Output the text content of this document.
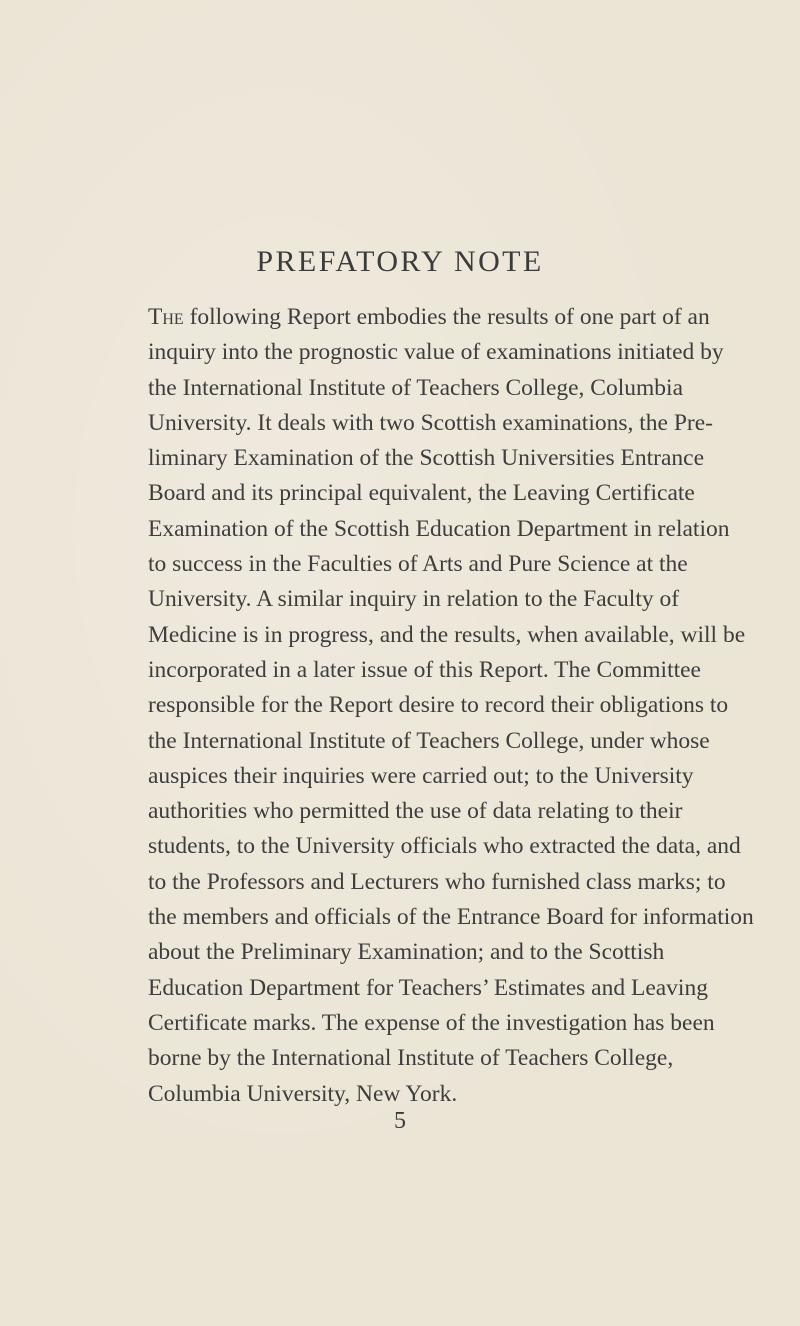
PREFATORY NOTE
The following Report embodies the results of one part of an
inquiry into the prognostic value of examinations initiated by
the International Institute of Teachers College, Columbia
University. It deals with two Scottish examinations, the Pre-
liminary Examination of the Scottish Universities Entrance
Board and its principal equivalent, the Leaving Certificate
Examination of the Scottish Education Department in relation
to success in the Faculties of Arts and Pure Science at the
University. A similar inquiry in relation to the Faculty of
Medicine is in progress, and the results, when available, will be
incorporated in a later issue of this Report. The Committee
responsible for the Report desire to record their obligations to
the International Institute of Teachers College, under whose
auspices their inquiries were carried out; to the University
authorities who permitted the use of data relating to their
students, to the University officials who extracted the data, and
to the Professors and Lecturers who furnished class marks; to
the members and officials of the Entrance Board for information
about the Preliminary Examination; and to the Scottish
Education Department for Teachers’ Estimates and Leaving
Certificate marks. The expense of the investigation has been
borne by the International Institute of Teachers College,
Columbia University, New York.
5
